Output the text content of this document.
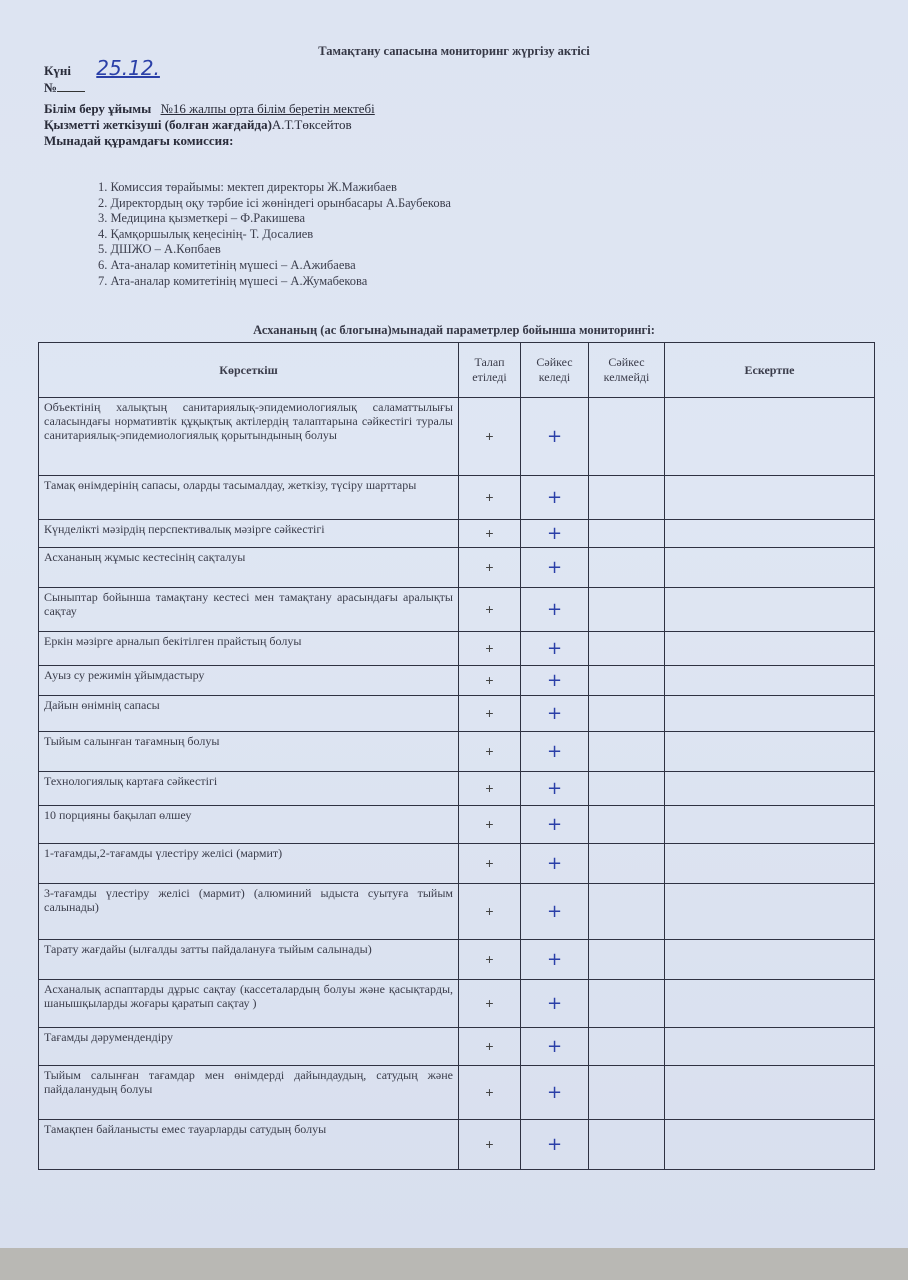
Тамақтану сапасына мониторинг жүргізу актісі
Күні 25.12.
№
Білім беру ұйымы №16 жалпы орта білім беретін мектебі
Қызметті жеткізуші (болған жағдайда)А.Т.Төксейтов
Мынадай құрамдағы комиссия:
1. Комиссия төрайымы: мектеп директоры Ж.Мажибаев
2. Директордың оқу тәрбие ісі жөніндегі орынбасары А.Баубекова
3. Медицина қызметкері – Ф.Ракишева
4. Қамқоршылық кеңесінің- Т. Досалиев
5. ДШЖО – А.Көпбаев
6. Ата-аналар комитетінің мүшесі – А.Ажибаева
7. Ата-аналар комитетінің мүшесі – А.Жумабекова
Асхананың (ас блогына)мынадай параметрлер бойынша мониторингі:
Көрсеткіш	Талап етіледі	Сәйкес келеді	Сәйкес келмейді	Ескертпе
Объектінің халықтың санитариялық-эпидемиологиялық саламаттылығы саласындағы нормативтік құқықтық актілердің талаптарына сәйкестігі туралы санитариялық-эпидемиологиялық қорытындының болуы	+	+		
Тамақ өнімдерінің сапасы, оларды тасымалдау, жеткізу, түсіру шарттары	+	+		
Күнделікті мәзірдің перспективалық мәзірге сәйкестігі	+	+		
Асхананың жұмыс кестесінің сақталуы	+	+		
Сыныптар бойынша тамақтану кестесі мен тамақтану арасындағы аралықты сақтау	+	+		
Еркін мәзірге арналып бекітілген прайстың болуы	+	+		
Ауыз су режимін ұйымдастыру	+	+		
Дайын өнімнің сапасы	+	+		
Тыйым салынған тағамның болуы	+	+		
Технологиялық картаға сәйкестігі	+	+		
10 порцияны бақылап өлшеу	+	+		
1-тағамды,2-тағамды үлестіру желісі (мармит)	+	+		
3-тағамды үлестіру желісі (мармит) (алюминий ыдыста суытуға тыйым салынады)	+	+		
Тарату жағдайы (ылғалды затты пайдалануға тыйым салынады)	+	+		
Асханалық аспаптарды дұрыс сақтау (кассеталардың болуы және қасықтарды, шанышқыларды жоғары қаратып сақтау )	+	+		
Тағамды дәрумендендіру	+	+		
Тыйым салынған тағамдар мен өнімдерді дайындаудың, сатудың және пайдаланудың болуы	+	+		
Тамақпен байланысты емес тауарларды сатудың болуы	+	+		
